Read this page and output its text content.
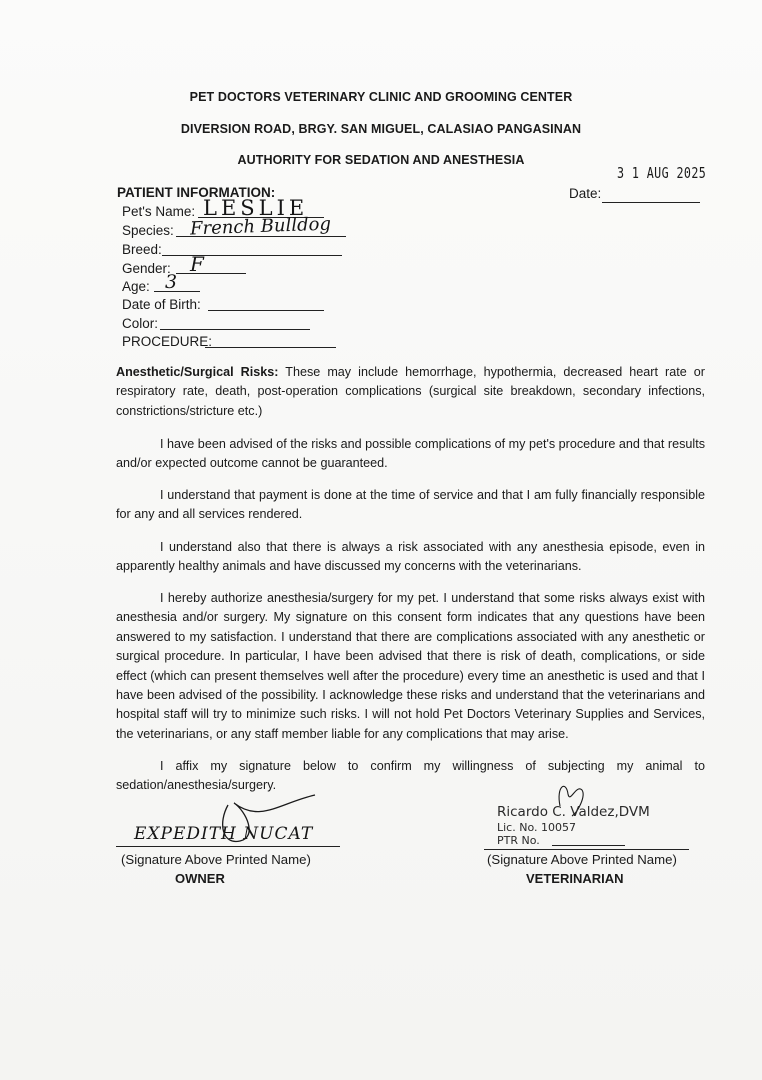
PET DOCTORS VETERINARY CLINIC AND GROOMING CENTER
DIVERSION ROAD, BRGY. SAN MIGUEL, CALASIAO PANGASINAN
AUTHORITY FOR SEDATION AND ANESTHESIA
3 1 AUG 2025
Date:
PATIENT INFORMATION:
Pet's Name: LESLIE
Species: French Bulldog
Breed:
Gender: F
Age: 3
Date of Birth:
Color:
PROCEDURE:
Anesthetic/Surgical Risks: These may include hemorrhage, hypothermia, decreased heart rate or respiratory rate, death, post-operation complications (surgical site breakdown, secondary infections, constrictions/stricture etc.)
I have been advised of the risks and possible complications of my pet's procedure and that results and/or expected outcome cannot be guaranteed.
I understand that payment is done at the time of service and that I am fully financially responsible for any and all services rendered.
I understand also that there is always a risk associated with any anesthesia episode, even in apparently healthy animals and have discussed my concerns with the veterinarians.
I hereby authorize anesthesia/surgery for my pet. I understand that some risks always exist with anesthesia and/or surgery. My signature on this consent form indicates that any questions have been answered to my satisfaction. I understand that there are complications associated with any anesthetic or surgical procedure. In particular, I have been advised that there is risk of death, complications, or side effect (which can present themselves well after the procedure) every time an anesthetic is used and that I have been advised of the possibility. I acknowledge these risks and understand that the veterinarians and hospital staff will try to minimize such risks. I will not hold Pet Doctors Veterinary Supplies and Services, the veterinarians, or any staff member liable for any complications that may arise.
I affix my signature below to confirm my willingness of subjecting my animal to sedation/anesthesia/surgery.
EXPEDITH NUCAT
(Signature Above Printed Name)
OWNER
Ricardo C. Valdez,DVM
Lic. No. 10057
PTR No.
(Signature Above Printed Name)
VETERINARIAN
